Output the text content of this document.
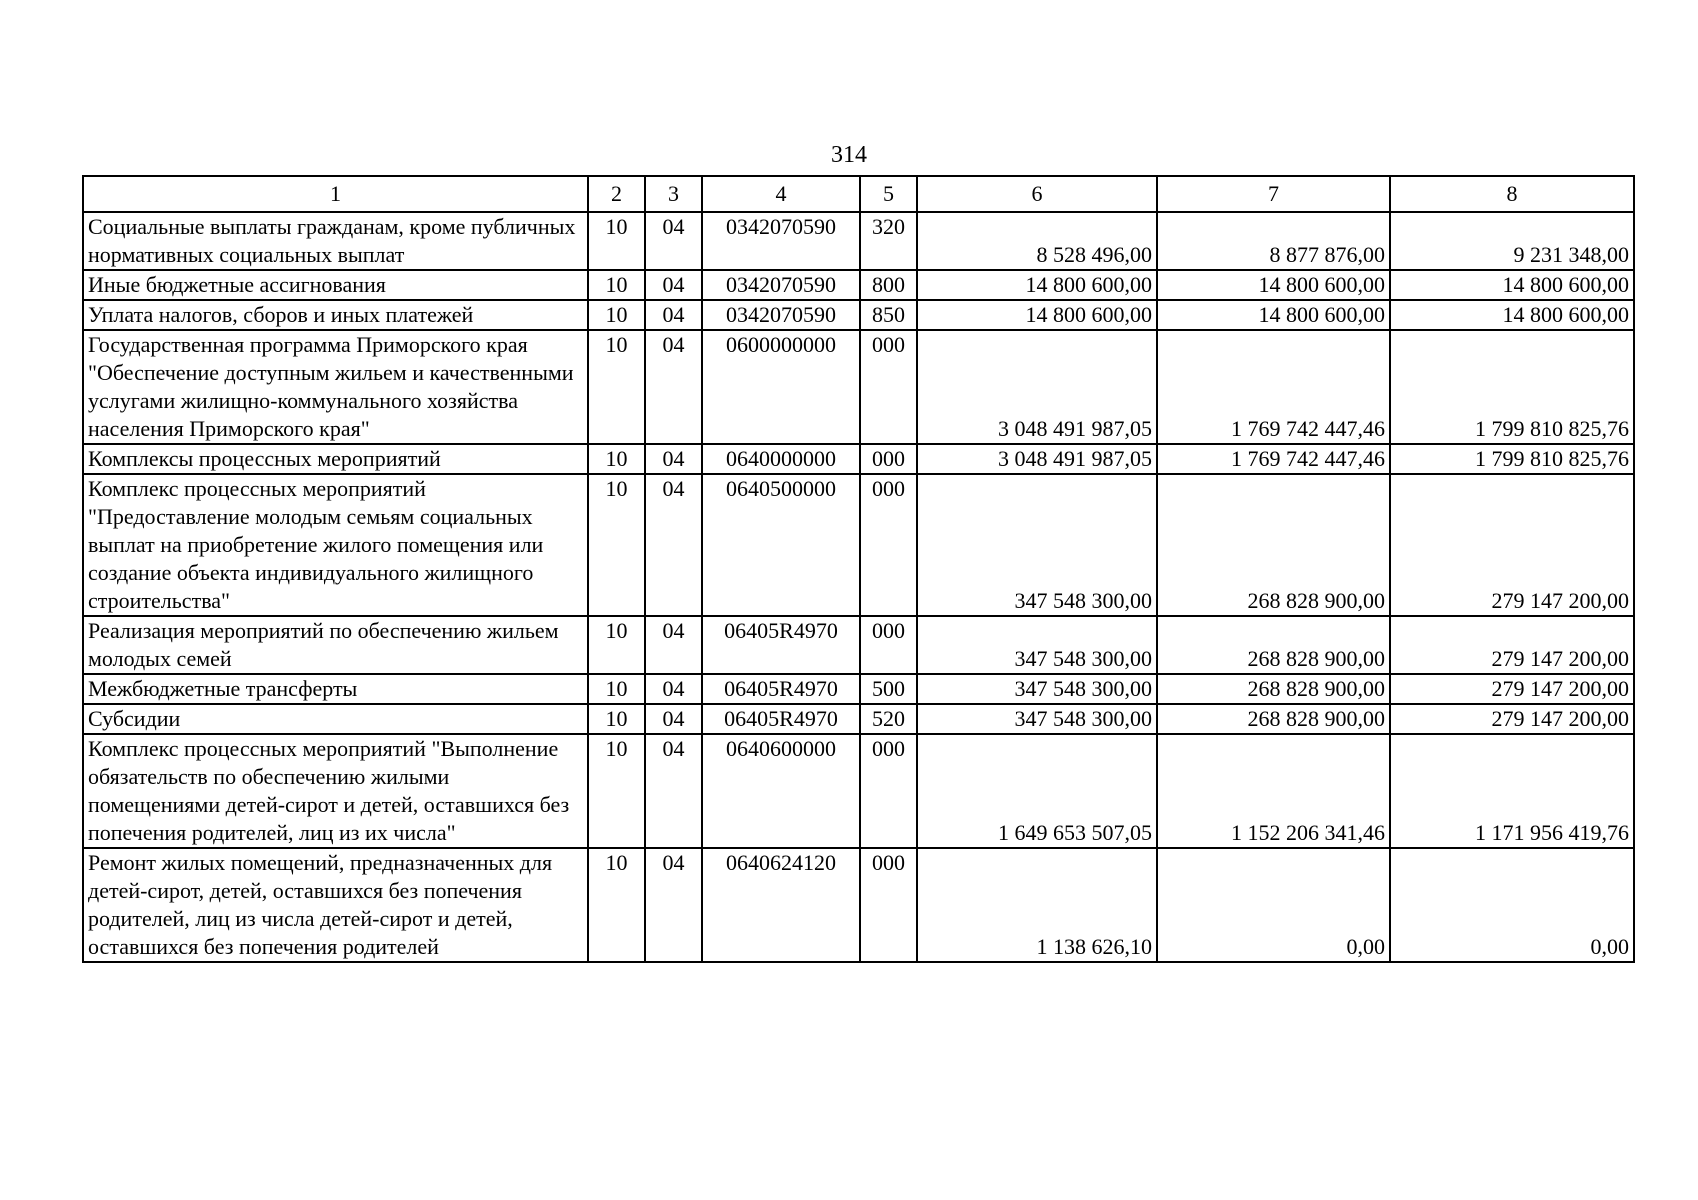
314
1	2	3	4	5	6	7	8
Социальные выплаты гражданам, кроме публичных нормативных социальных выплат	10	04	0342070590	320	8 528 496,00	8 877 876,00	9 231 348,00
Иные бюджетные ассигнования	10	04	0342070590	800	14 800 600,00	14 800 600,00	14 800 600,00
Уплата налогов, сборов и иных платежей	10	04	0342070590	850	14 800 600,00	14 800 600,00	14 800 600,00
Государственная программа Приморского края "Обеспечение доступным жильем и качественными услугами жилищно-коммунального хозяйства населения Приморского края"	10	04	0600000000	000	3 048 491 987,05	1 769 742 447,46	1 799 810 825,76
Комплексы процессных мероприятий	10	04	0640000000	000	3 048 491 987,05	1 769 742 447,46	1 799 810 825,76
Комплекс процессных мероприятий "Предоставление молодым семьям социальных выплат на приобретение жилого помещения или создание объекта индивидуального жилищного строительства"	10	04	0640500000	000	347 548 300,00	268 828 900,00	279 147 200,00
Реализация мероприятий по обеспечению жильем молодых семей	10	04	06405R4970	000	347 548 300,00	268 828 900,00	279 147 200,00
Межбюджетные трансферты	10	04	06405R4970	500	347 548 300,00	268 828 900,00	279 147 200,00
Субсидии	10	04	06405R4970	520	347 548 300,00	268 828 900,00	279 147 200,00
Комплекс процессных мероприятий "Выполнение обязательств по обеспечению жилыми помещениями детей-сирот и детей, оставшихся без попечения родителей, лиц из их числа"	10	04	0640600000	000	1 649 653 507,05	1 152 206 341,46	1 171 956 419,76
Ремонт жилых помещений, предназначенных для детей-сирот, детей, оставшихся без попечения родителей, лиц из числа детей-сирот и детей, оставшихся без попечения родителей	10	04	0640624120	000	1 138 626,10	0,00	0,00
